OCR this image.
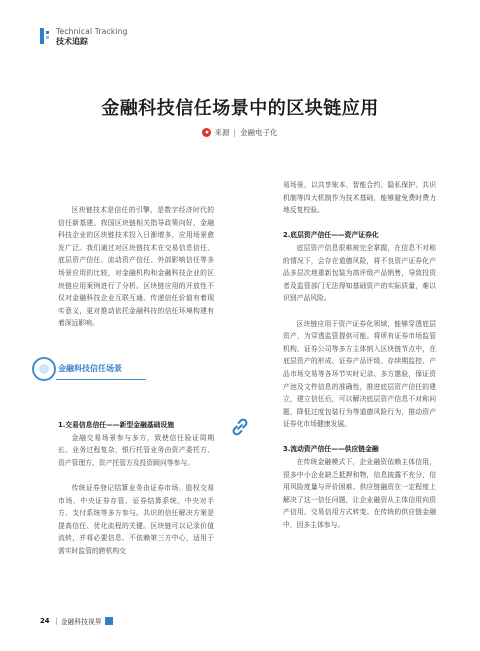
Technical Tracking
技术追踪
金融科技信任场景中的区块链应用
★ 来源 | 金融电子化

区块链技术是信任的引擎，是数字经济时代的信任新基建。我国区块链相关指导政策向好，金融科技企业的区块链技术投入日渐增多，应用场景愈发广泛。我们通过对区块链技术在交易信息信任、底层资产信任、流动资产信任、外部影响信任等多场景应用的比较，对金融机构和金融科技企业的区块链应用案例进行了分析。区块链应用的开放性不仅对金融科技企业互联互通、传递信任价值有着现实意义，更对推动依托金融科技的信任环境构建有着深远影响。

金融科技信任场景

1.交易信息信任——新型金融基础设施

金融交易场景参与多方，致使信任验证周期长、业务过程复杂，银行托管业务由资产委托方、资产管理方、资产托管方及投资顾问等参与。

传统证券登记结算业务由证券市场、股权交易市场、中央证券存管、证券结算系统、中央对手方、支付系统等多方参与。共识的信任解决方案是提高信任、优化流程的关键。区块链可以记录价值流转，并将必要信息、不依赖第三方中心，适用于需实时监管的跨机构交

易场景，以共享账本、智能合约、隐私保护、共识机制等四大机制作为技术基础，能够避免费时费力地反复校验。

2.底层资产信任——资产证券化

底层资产信息很难被完全掌握，在信息不对称的情况下，会存在道德风险，将不良资产证券化产品多层次地重新包装为高评级产品销售，导致投资者及监管部门无法得知基础资产的实际质量，难以识别产品风险。

区块链应用于资产证券化领域，能够穿透底层资产，为穿透监管提供可能。将所有证券市场监管机构、证券公司等多方主体纳入区块链节点中，在底层资产的形成、证券产品评级、存续期监控、产品市场交易等各环节实时记录、多方邀验，保证资产池及文件信息的准确性，推进底层资产信任的建立，建立信任后，可以解决底层资产信息不对称问题，降低过度包装行为等道德风险行为，推动资产证券化市场健康发展。

3.流动资产信任——供应链金融

在传统金融模式下，企业融资依赖主体信用，很多中小企业缺乏抵押和物，信息披露不充分，信用风险度量与评价困难。供应链融资在一定程度上解决了这一信任问题，让企业融资从主体信用向资产信用、交易信用方式转变。在传统的供应链金融中，因多主体参与。

24 | 金融科技视界
